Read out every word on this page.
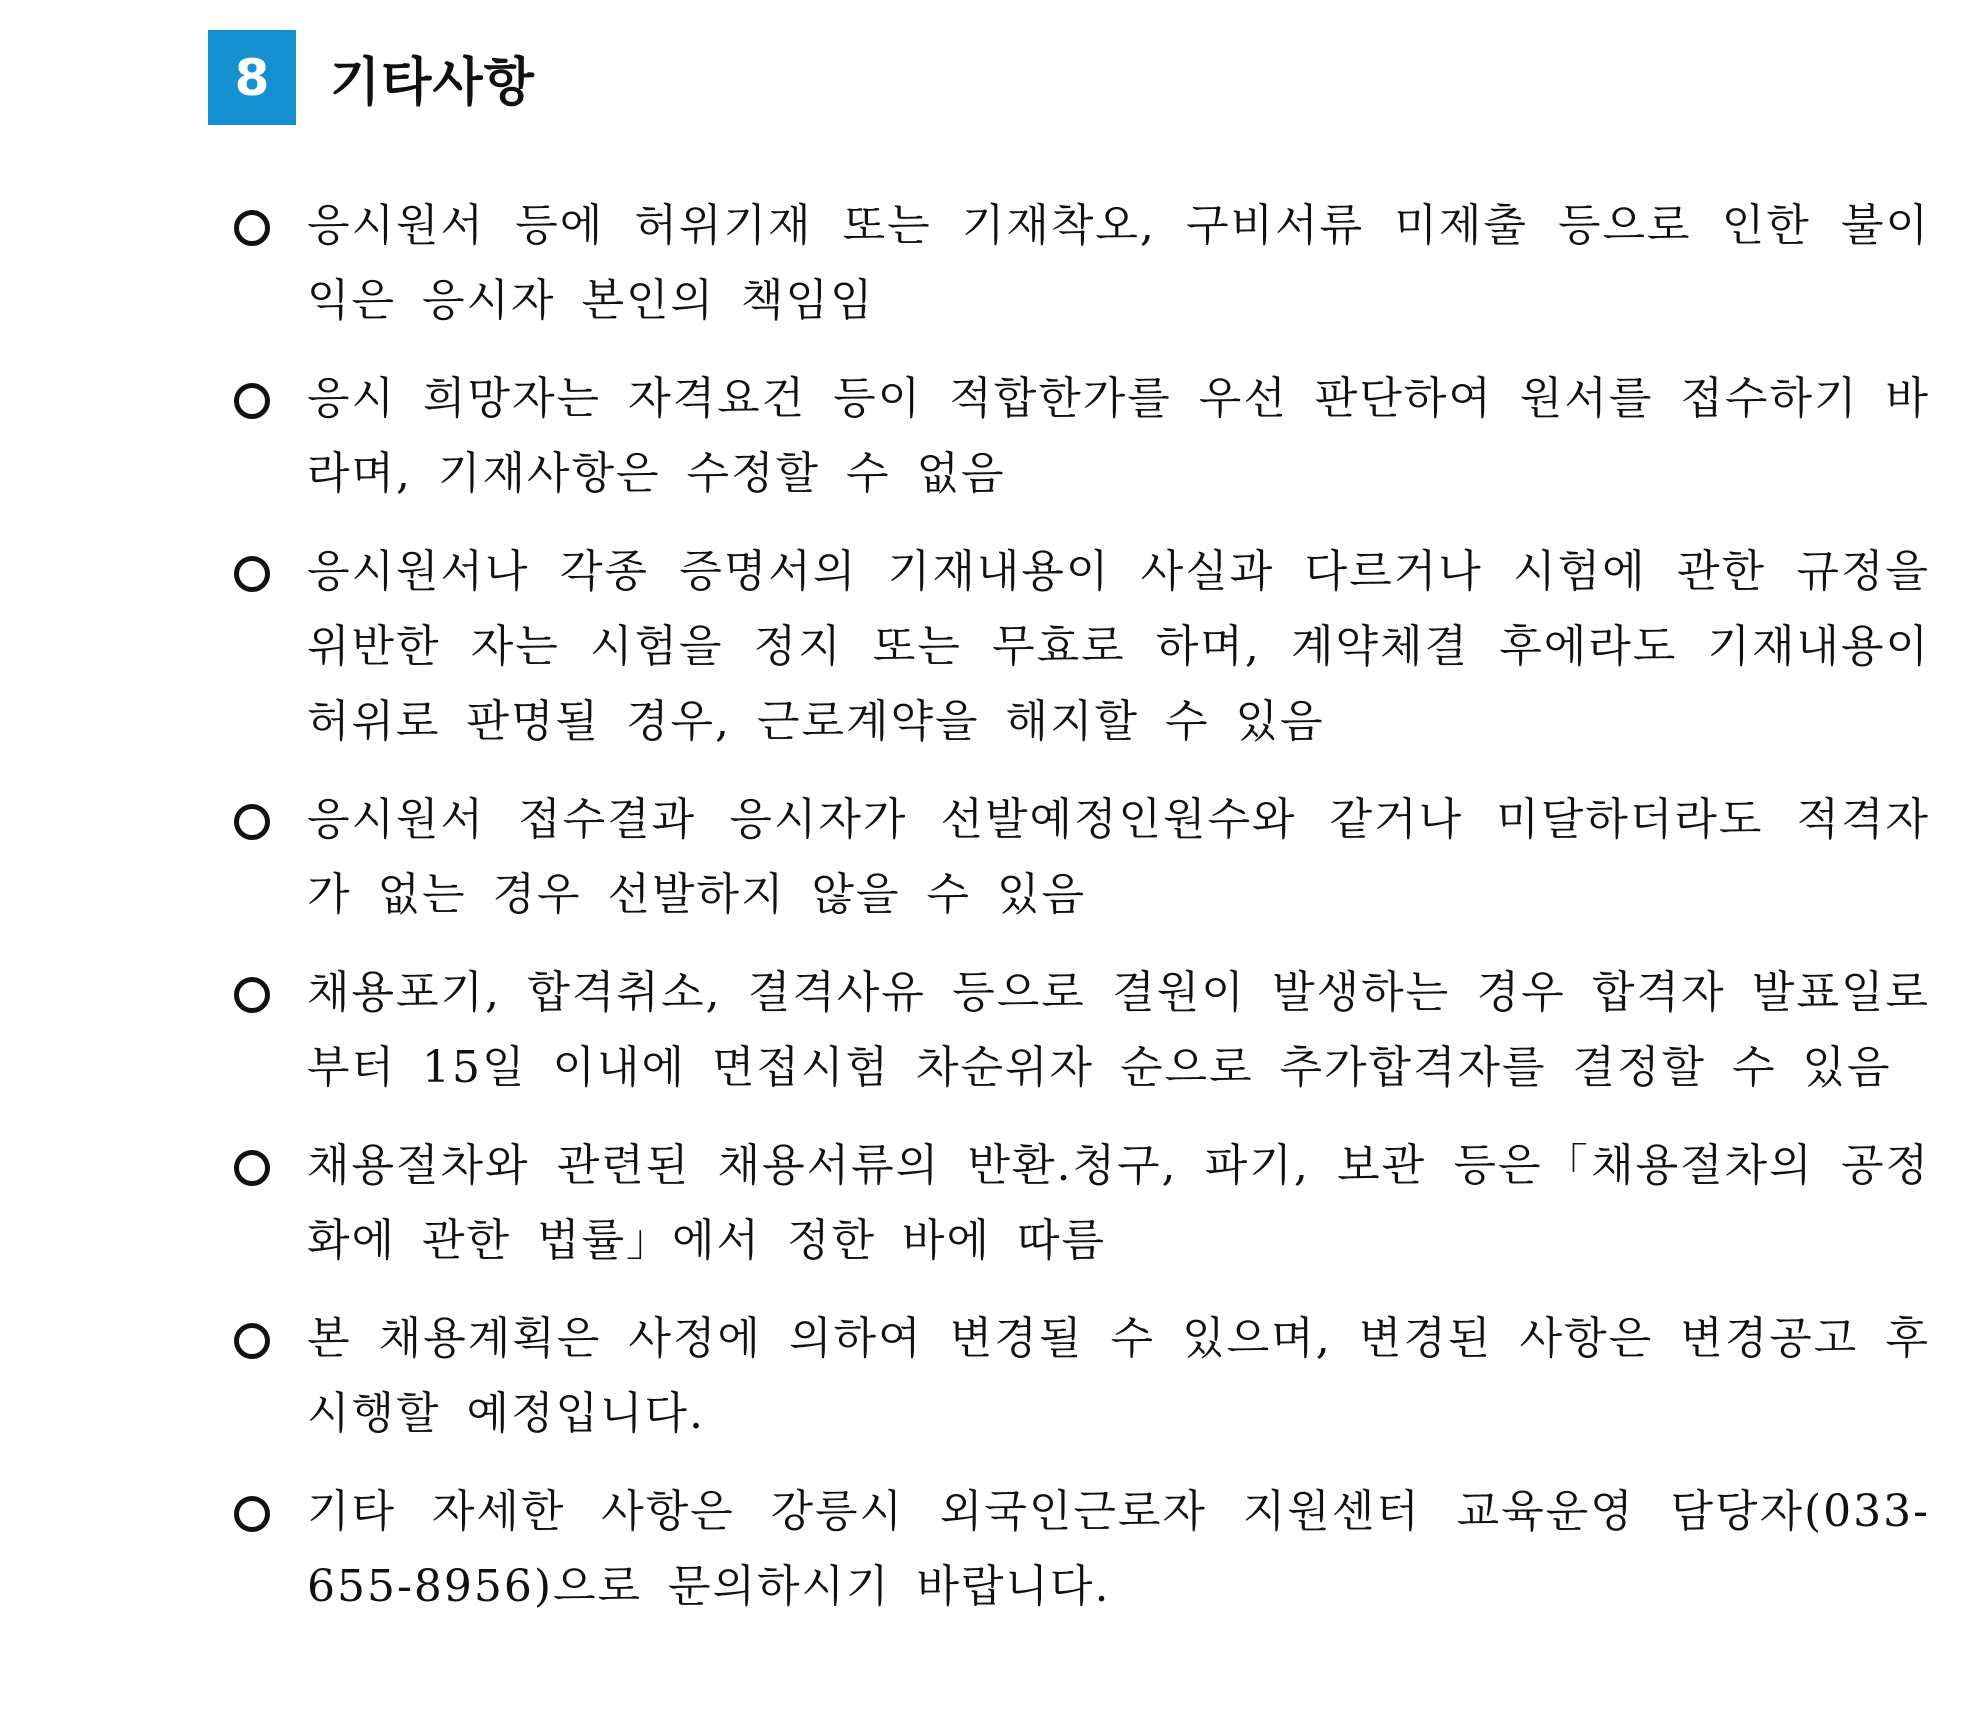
8	기타사항
응시원서 등에 허위기재 또는 기재착오, 구비서류 미제출 등으로 인한 불이익은 응시자 본인의 책임임
응시 희망자는 자격요건 등이 적합한가를 우선 판단하여 원서를 접수하기 바라며, 기재사항은 수정할 수 없음
응시원서나 각종 증명서의 기재내용이 사실과 다르거나 시험에 관한 규정을 위반한 자는 시험을 정지 또는 무효로 하며, 계약체결 후에라도 기재내용이 허위로 판명될 경우, 근로계약을 해지할 수 있음
응시원서 접수결과 응시자가 선발예정인원수와 같거나 미달하더라도 적격자가 없는 경우 선발하지 않을 수 있음
채용포기, 합격취소, 결격사유 등으로 결원이 발생하는 경우 합격자 발표일로부터 15일 이내에 면접시험 차순위자 순으로 추가합격자를 결정할 수 있음
채용절차와 관련된 채용서류의 반환.청구, 파기, 보관 등은「채용절차의 공정화에 관한 법률」에서 정한 바에 따름
본 채용계획은 사정에 의하여 변경될 수 있으며, 변경된 사항은 변경공고 후 시행할 예정입니다.
기타 자세한 사항은 강릉시 외국인근로자 지원센터 교육운영 담당자(033-655-8956)으로 문의하시기 바랍니다.
